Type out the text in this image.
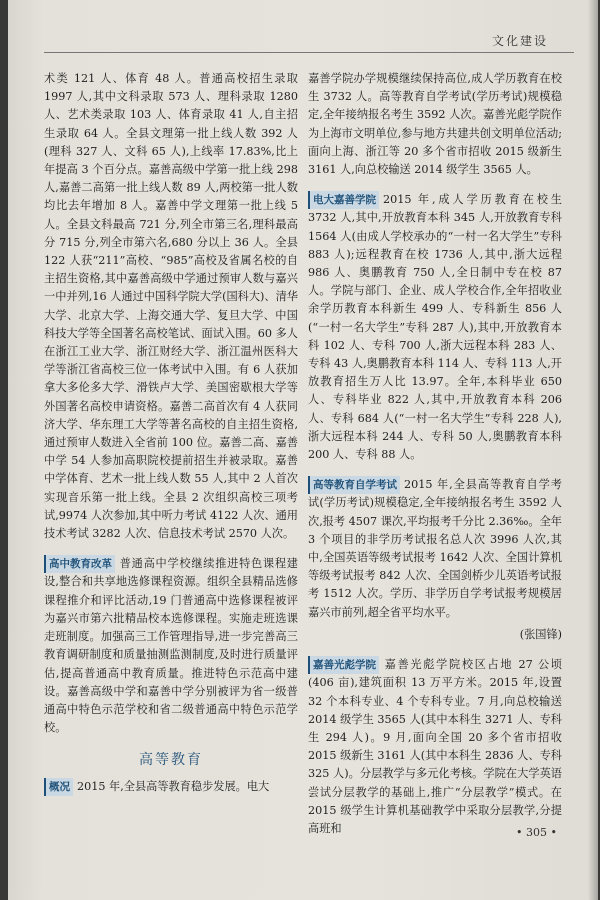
文化建设

术类 121 人、体育 48 人。普通高校招生录取 1997 人,其中文科录取 573 人、理科录取 1280 人、艺术类录取 103 人、体育录取 41 人,自主招生录取 64 人。全县文理第一批上线人数 392 人(理科 327 人、文科 65 人),上线率 17.83%,比上年提高 3 个百分点。嘉善高级中学第一批上线 298 人,嘉善二高第一批上线人数 89 人,两校第一批人数均比去年增加 8 人。嘉善中学文理第一批上线 5 人。全县文科最高 721 分,列全市第三名,理科最高分 715 分,列全市第六名,680 分以上 36 人。全县 122 人获“211”高校、“985”高校及省属名校的自主招生资格,其中嘉善高级中学通过预审人数与嘉兴一中并列,16 人通过中国科学院大学(国科大)、清华大学、北京大学、上海交通大学、复旦大学、中国科技大学等全国著名高校笔试、面试入围。60 多人在浙江工业大学、浙江财经大学、浙江温州医科大学等浙江省高校三位一体考试中入围。有 6 人获加拿大多伦多大学、滑铁卢大学、美国密歇根大学等外国著名高校申请资格。嘉善二高首次有 4 人获同济大学、华东理工大学等著名高校的自主招生资格,通过预审人数进入全省前 100 位。嘉善二高、嘉善中学 54 人参加高职院校提前招生并被录取。嘉善中学体育、艺术一批上线人数 55 人,其中 2 人首次实现音乐第一批上线。全县 2 次组织高校三项考试,9974 人次参加,其中听力考试 4122 人次、通用技术考试 3282 人次、信息技术考试 2570 人次。

高中教育改革 普通高中学校继续推进特色课程建设,整合和共享地选修课程资源。组织全县精品选修课程推介和评比活动,19 门普通高中选修课程被评为嘉兴市第六批精品校本选修课程。实施走班选课走班制度。加强高三工作管理指导,进一步完善高三教育调研制度和质量抽测监测制度,及时进行质量评估,提高普通高中教育质量。推进特色示范高中建设。嘉善高级中学和嘉善中学分别被评为省一级普通高中特色示范学校和省二级普通高中特色示范学校。

高等教育

概况 2015 年,全县高等教育稳步发展。电大

嘉善学院办学规模继续保持高位,成人学历教育在校生 3732 人。高等教育自学考试(学历考试)规模稳定,全年接纳报名考生 3592 人次。嘉善光彪学院作为上海市文明单位,参与地方共建共创文明单位活动;面向上海、浙江等 20 多个省市招收 2015 级新生 3161 人,向总校输送 2014 级学生 3565 人。

电大嘉善学院 2015 年,成人学历教育在校生 3732 人,其中,开放教育本科 345 人,开放教育专科 1564 人(由成人学校承办的“一村一名大学生”专科 883 人);远程教育在校 1736 人,其中,浙大远程 986 人、奥鹏教育 750 人,全日制中专在校 87 人。学院与部门、企业、成人学校合作,全年招收业余学历教育本科新生 499 人、专科新生 856 人(“一村一名大学生”专科 287 人),其中,开放教育本科 102 人、专科 700 人,浙大远程本科 283 人、专科 43 人,奥鹏教育本科 114 人、专科 113 人,开放教育招生万人比 13.97。全年,本科毕业 650 人、专科毕业 822 人,其中,开放教育本科 206 人、专科 684 人(“一村一名大学生”专科 228 人),浙大远程本科 244 人、专科 50 人,奥鹏教育本科 200 人、专科 88 人。

高等教育自学考试 2015 年,全县高等教育自学考试(学历考试)规模稳定,全年接纳报名考生 3592 人次,报考 4507 课次,平均报考千分比 2.36‰。全年 3 个项目的非学历考试报名总人次 3996 人次,其中,全国英语等级考试报考 1642 人次、全国计算机等级考试报考 842 人次、全国剑桥少儿英语考试报考 1512 人次。学历、非学历自学考试报考规模居嘉兴市前列,超全省平均水平。

(张国锋)

嘉善光彪学院 嘉善光彪学院校区占地 27 公顷(406 亩),建筑面积 13 万平方米。2015 年,设置 32 个本科专业、4 个专科专业。7 月,向总校输送 2014 级学生 3565 人(其中本科生 3271 人、专科生 294 人)。9 月,面向全国 20 多个省市招收 2015 级新生 3161 人(其中本科生 2836 人、专科 325 人)。分层教学与多元化考核。学院在大学英语尝试分层教学的基础上,推广“分层教学”模式。在 2015 级学生计算机基础教学中采取分层教学,分提高班和	• 305 •
